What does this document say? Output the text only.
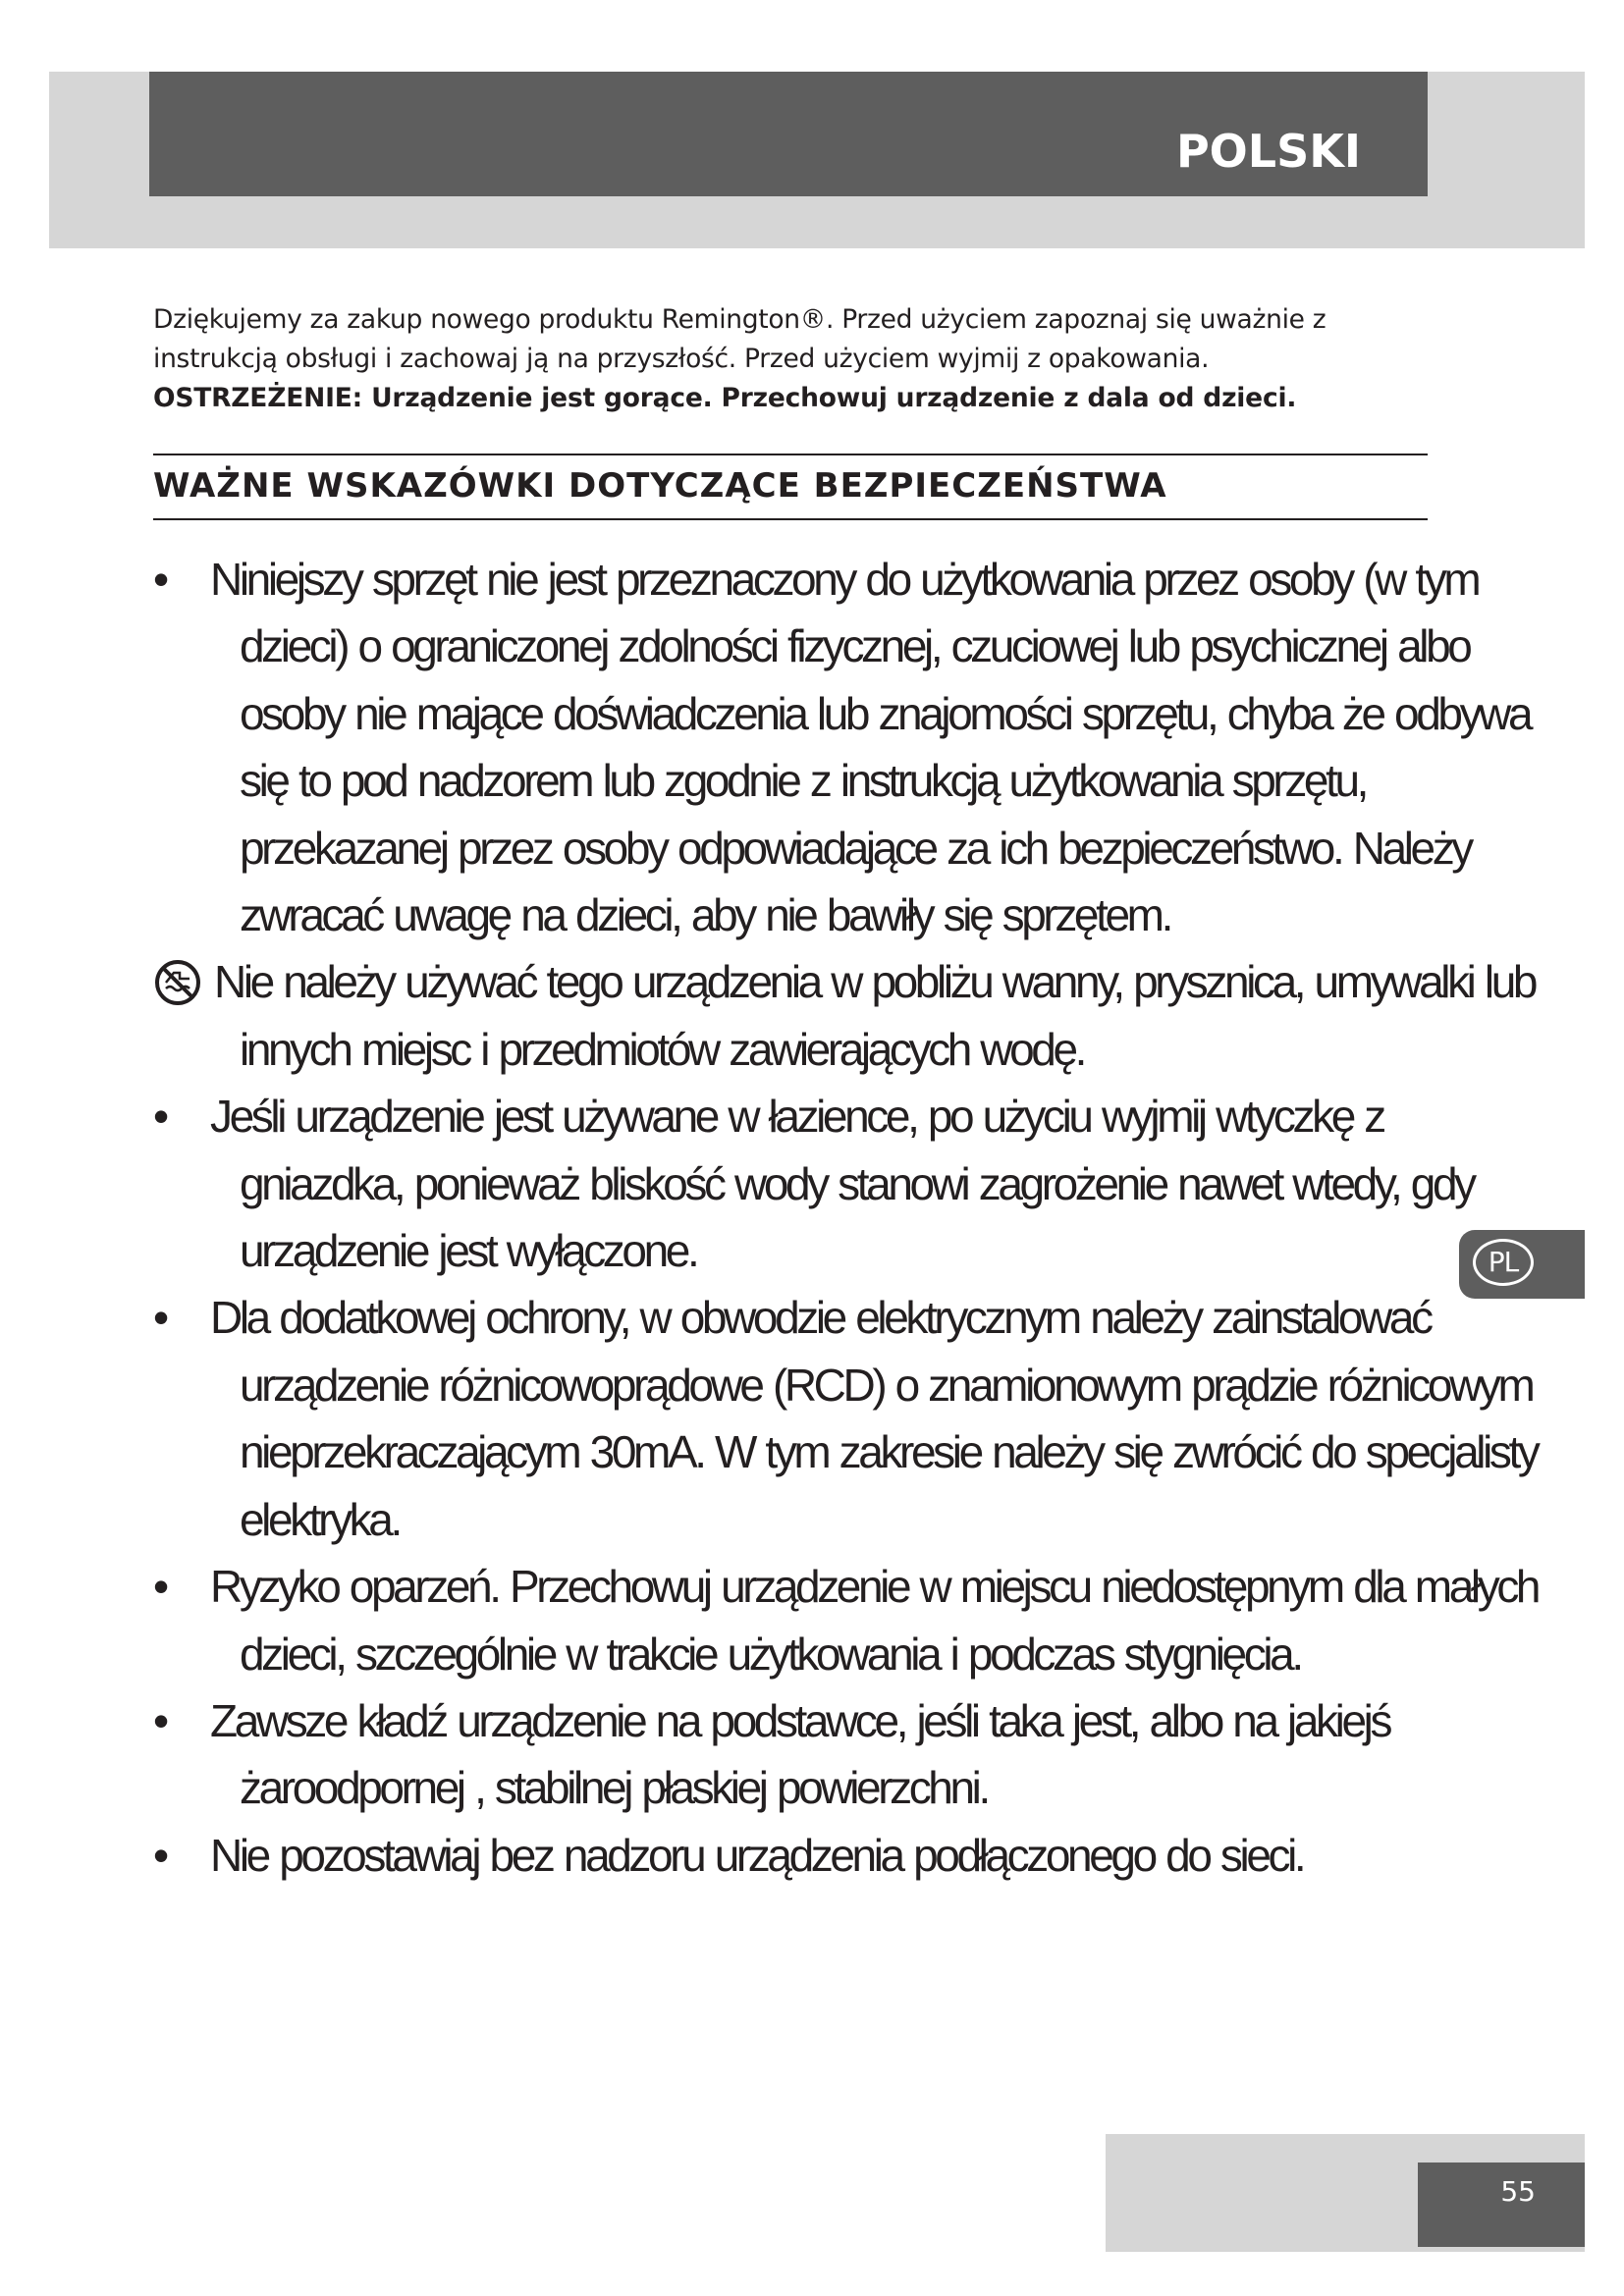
POLSKI

Dziękujemy za zakup nowego produktu Remington®. Przed użyciem zapoznaj się uważnie z

instrukcją obsługi i zachowaj ją na przyszłość. Przed użyciem wyjmij z opakowania.

OSTRZEŻENIE: Urządzenie jest gorące. Przechowuj urządzenie z dala od dzieci.

WAŻNE WSKAZÓWKI DOTYCZĄCE BEZPIECZEŃSTWA
• Niniejszy sprzęt nie jest przeznaczony do użytkowania przez osoby (w tym
dzieci) o ograniczonej zdolności fizycznej, czuciowej lub psychicznej albo
osoby nie mające doświadczenia lub znajomości sprzętu, chyba że odbywa
się to pod nadzorem lub zgodnie z instrukcją użytkowania sprzętu,
przekazanej przez osoby odpowiadające za ich bezpieczeństwo. Należy
zwracać uwagę na dzieci, aby nie bawiły się sprzętem.
Nie należy używać tego urządzenia w pobliżu wanny, prysznica, umywalki lub
innych miejsc i przedmiotów zawierających wodę.
• Jeśli urządzenie jest używane w łazience, po użyciu wyjmij wtyczkę z
gniazdka, ponieważ bliskość wody stanowi zagrożenie nawet wtedy, gdy
urządzenie jest wyłączone.
• Dla dodatkowej ochrony, w obwodzie elektrycznym należy zainstalować
urządzenie różnicowoprądowe (RCD) o znamionowym prądzie różnicowym
nieprzekraczającym 30mA. W tym zakresie należy się zwrócić do specjalisty
elektryka.
• Ryzyko oparzeń. Przechowuj urządzenie w miejscu niedostępnym dla małych
dzieci, szczególnie w trakcie użytkowania i podczas stygnięcia.
• Zawsze kładź urządzenie na podstawce, jeśli taka jest, albo na jakiejś
żaroodpornej , stabilnej płaskiej powierzchni.
• Nie pozostawiaj bez nadzoru urządzenia podłączonego do sieci.
PL
55
